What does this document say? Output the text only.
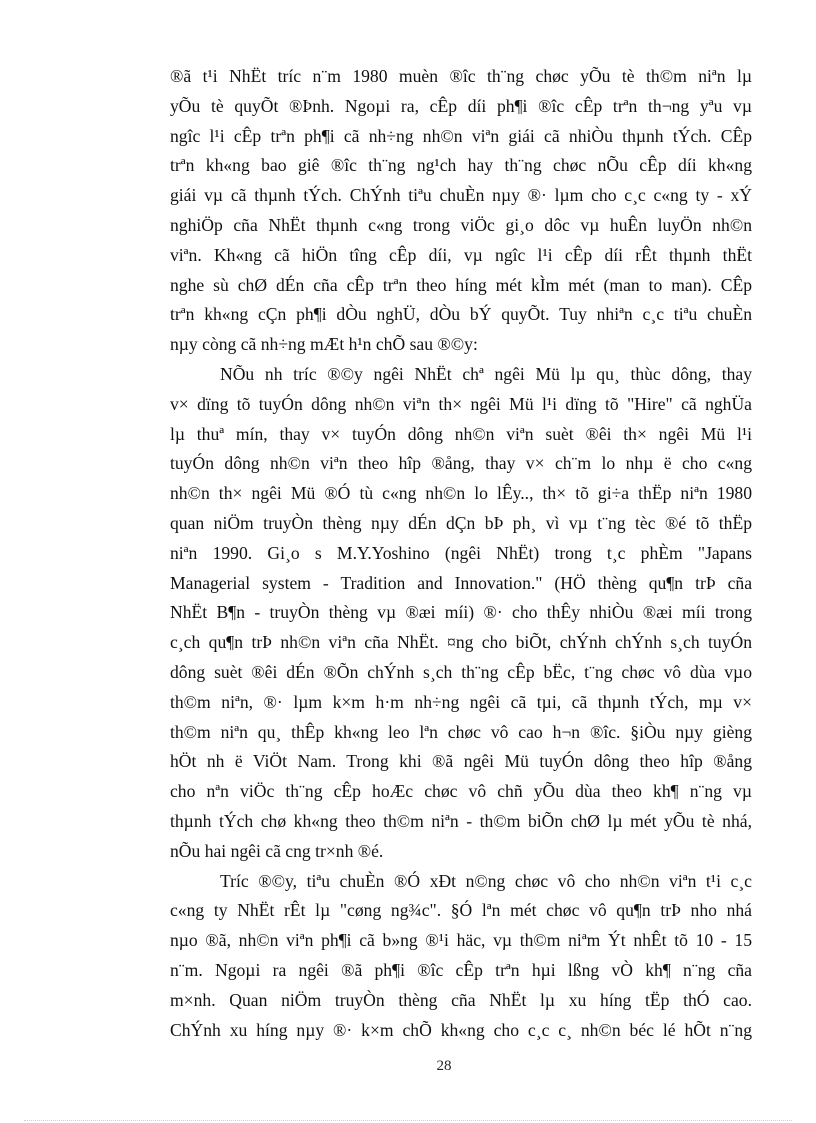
®ã t¹i NhËt tríc n¨m 1980 muèn ®îc th¨ng chøc yÕu tè th©m niªn lµ
yÕu tè quyÕt ®Þnh. Ngoµi ra, cÊp díi ph¶i ®îc cÊp trªn th¬ng yªu vµ
ngîc l¹i cÊp trªn ph¶i cã nh÷ng nh©n viªn giái cã nhiÒu thµnh tÝch. CÊp
trªn kh«ng bao giê ®îc th¨ng ng¹ch hay th¨ng chøc nÕu cÊp díi kh«ng
giái vµ cã thµnh tÝch. ChÝnh tiªu chuÈn nµy ®· lµm cho c¸c c«ng ty - xÝ
nghiÖp cña NhËt thµnh c«ng trong viÖc gi¸o dôc vµ huÊn luyÖn nh©n
viªn. Kh«ng cã hiÖn tîng cÊp díi, vµ ngîc l¹i cÊp díi rÊt thµnh thËt
nghe sù chØ dÉn cña cÊp trªn theo híng mét kÌm mét (man to man). CÊp
trªn kh«ng cÇn ph¶i dÒu nghÜ, dÒu bÝ quyÕt. Tuy nhiªn c¸c tiªu chuÈn
nµy còng cã nh÷ng mÆt h¹n chÕ sau ®©y:
NÕu nh tríc ®©y ngêi NhËt chª ngêi Mü lµ qu¸ thùc dông, thay
v× dïng tõ tuyÓn dông nh©n viªn th× ngêi Mü l¹i dïng tõ "Hire" cã nghÜa
lµ thuª mín, thay v× tuyÓn dông nh©n viªn suèt ®êi th× ngêi Mü l¹i
tuyÓn dông nh©n viªn theo hîp ®ång, thay v× ch¨m lo nhµ ë cho c«ng
nh©n th× ngêi Mü ®Ó tù c«ng nh©n lo lÊy.., th× tõ gi÷a thËp niªn 1980
quan niÖm truyÒn thèng nµy dÉn dÇn bÞ ph¸ vì vµ t¨ng tèc ®é tõ thËp
niªn 1990. Gi¸o s M.Y.Yoshino (ngêi NhËt) trong t¸c phÈm "Japans
Managerial system - Tradition and Innovation." (HÖ thèng qu¶n trÞ cña
NhËt B¶n - truyÒn thèng vµ ®æi míi) ®· cho thÊy nhiÒu ®æi míi trong
c¸ch qu¶n trÞ nh©n viªn cña NhËt. ¤ng cho biÕt, chÝnh chÝnh s¸ch tuyÓn
dông suèt ®êi dÉn ®Õn chÝnh s¸ch th¨ng cÊp bËc, t¨ng chøc vô dùa vµo
th©m niªn, ®· lµm k×m h·m nh÷ng ngêi cã tµi, cã thµnh tÝch, mµ v×
th©m niªn qu¸ thÊp kh«ng leo lªn chøc vô cao h¬n ®îc. §iÒu nµy gièng
hÖt nh ë ViÖt Nam. Trong khi ®ã ngêi Mü tuyÓn dông theo hîp ®ång
cho nªn viÖc th¨ng cÊp hoÆc chøc vô chñ yÕu dùa theo kh¶ n¨ng vµ
thµnh tÝch chø kh«ng theo th©m niªn - th©m biÕn chØ lµ mét yÕu tè nhá,
nÕu hai ngêi cã cng tr×nh ®é.
Tríc ®©y, tiªu chuÈn ®Ó xÐt n©ng chøc vô cho nh©n viªn t¹i c¸c
c«ng ty NhËt rÊt lµ "cøng ng¾c". §Ó lªn mét chøc vô qu¶n trÞ nho nhá
nµo ®ã, nh©n viªn ph¶i cã b»ng ®¹i häc, vµ th©m niªm Ýt nhÊt tõ 10 - 15
n¨m. Ngoµi ra ngêi ®ã ph¶i ®îc cÊp trªn hµi lßng vÒ kh¶ n¨ng cña
m×nh. Quan niÖm truyÒn thèng cña NhËt lµ xu híng tËp thÓ cao.
ChÝnh xu híng nµy ®· k×m chÕ kh«ng cho c¸c c¸ nh©n béc lé hÕt n¨ng
28
